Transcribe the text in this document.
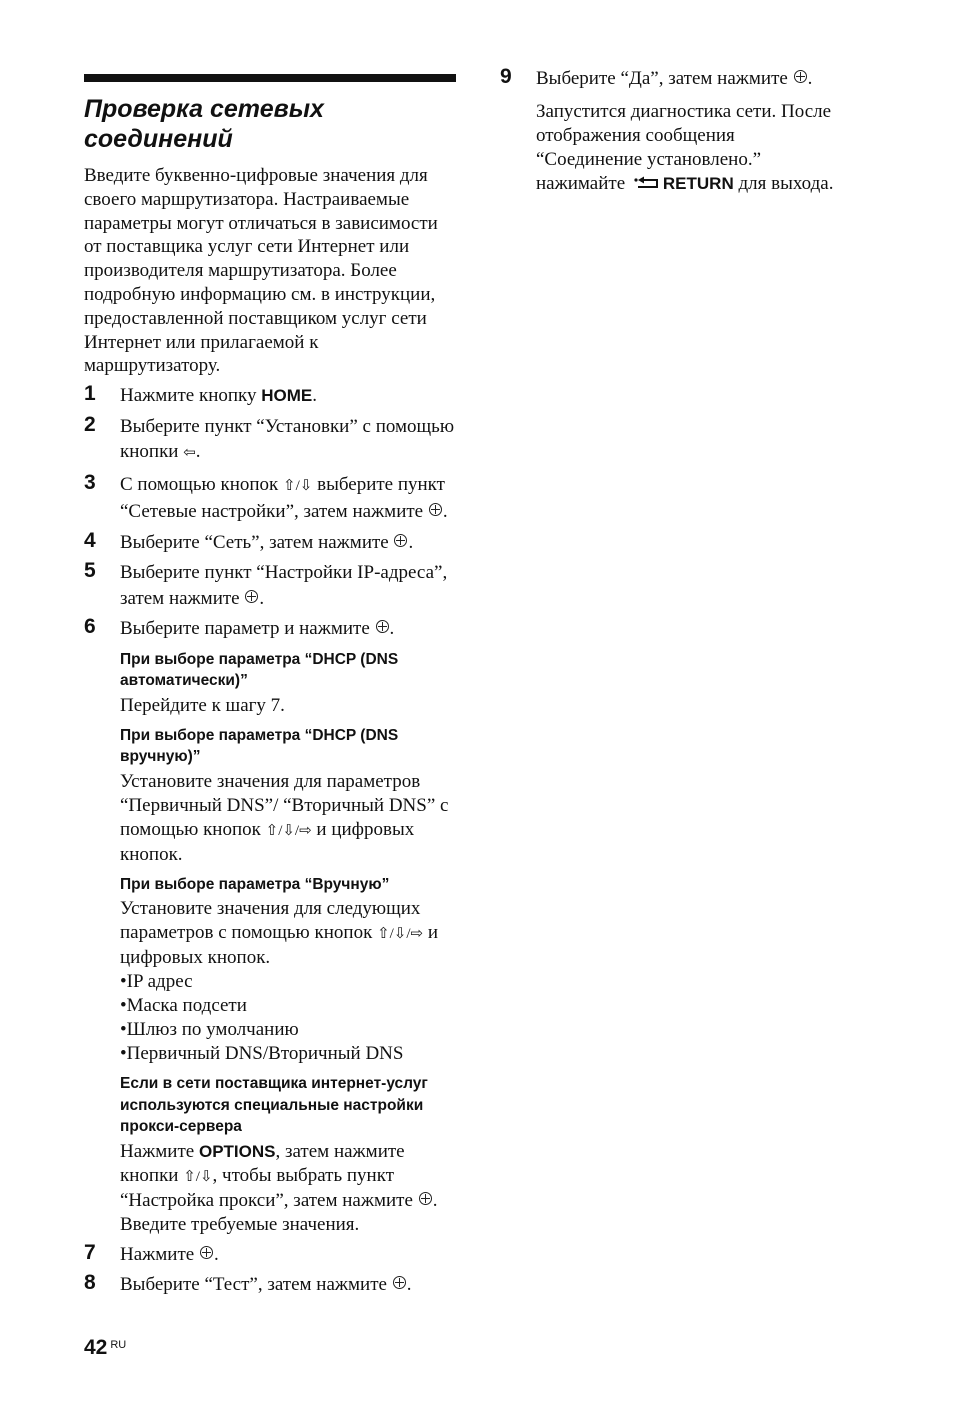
Проверка сетевых
соединений

Введите буквенно-цифровые значения для своего маршрутизатора. Настраиваемые параметры могут отличаться в зависимости от поставщика услуг сети Интернет или производителя маршрутизатора. Более подробную информацию см. в инструкции, предоставленной поставщиком услуг сети Интернет или прилагаемой к маршрутизатору.

1 Нажмите кнопку HOME.
2 Выберите пункт “Установки” с помощью кнопки ⇦.
3 С помощью кнопок ⇧/⇩ выберите пункт “Сетевые настройки”, затем нажмите .
4 Выберите “Сеть”, затем нажмите .
5 Выберите пункт “Настройки IP-адреса”, затем нажмите .
6 Выберите параметр и нажмите .
При выборе параметра “DHCP (DNS автоматически)”
Перейдите к шагу 7.
При выборе параметра “DHCP (DNS вручную)”
Установите значения для параметров “Первичный DNS”/ “Вторичный DNS” с помощью кнопок ⇧/⇩/⇨ и цифровых кнопок.
При выборе параметра “Вручную”
Установите значения для следующих параметров с помощью кнопок ⇧/⇩/⇨ и цифровых кнопок.
• IP адрес
• Маска подсети
• Шлюз по умолчанию
• Первичный DNS/Вторичный DNS
Если в сети поставщика интернет-услуг используются специальные настройки прокси-сервера
Нажмите OPTIONS, затем нажмите кнопки ⇧/⇩, чтобы выбрать пункт “Настройка прокси”, затем нажмите . Введите требуемые значения.
7 Нажмите .
8 Выберите “Тест”, затем нажмите .
9 Выберите “Да”, затем нажмите .
Запустится диагностика сети. После отображения сообщения “Соединение установлено.” нажимайте RETURN для выхода.
42 $^{RU}$
